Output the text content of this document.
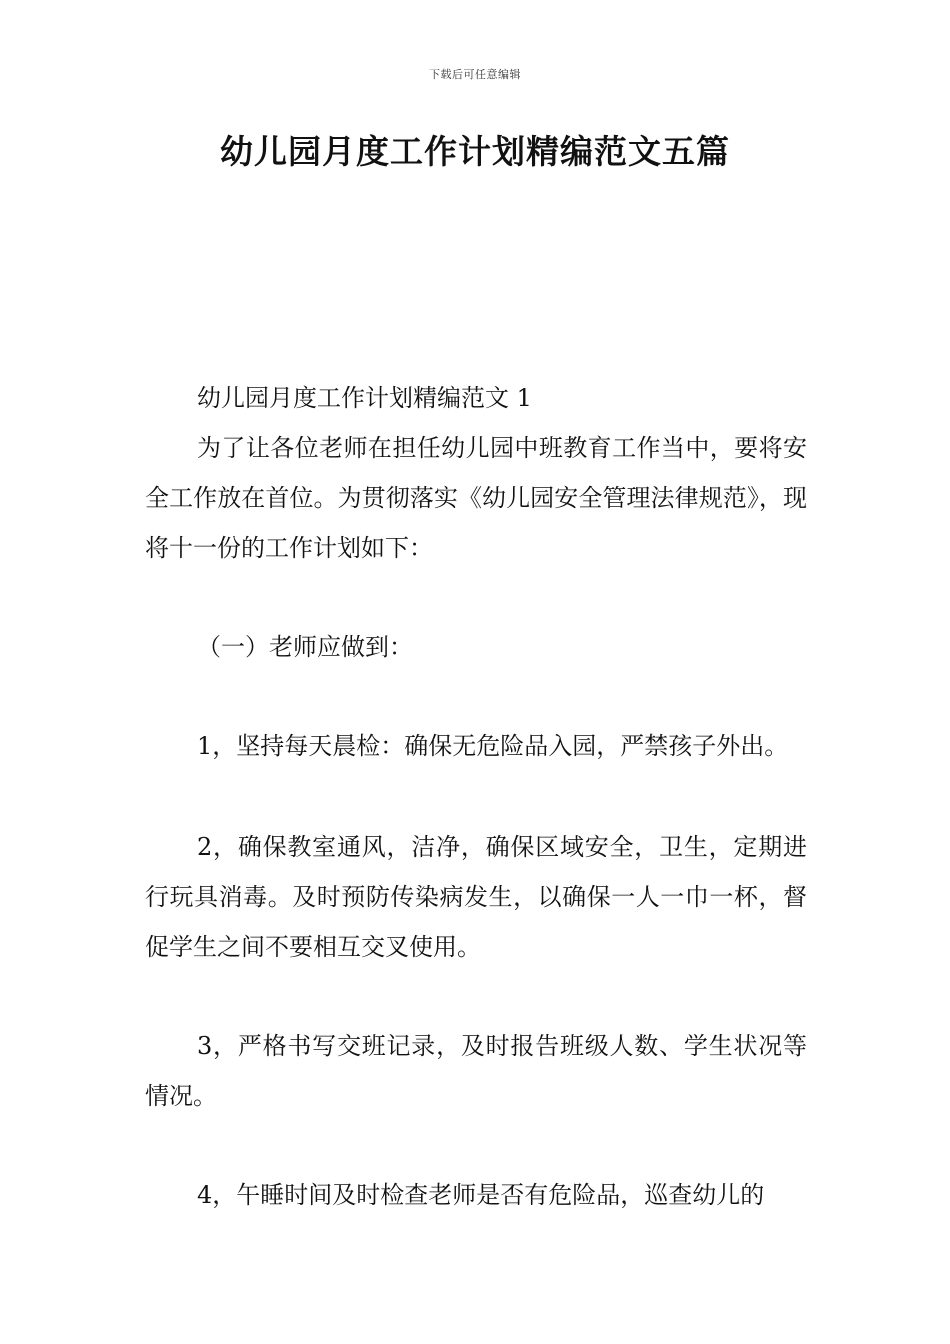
下载后可任意编辑
幼儿园月度工作计划精编范文五篇

幼儿园月度工作计划精编范文 1

为了让各位老师在担任幼儿园中班教育工作当中，要将安全工作放在首位。为贯彻落实《幼儿园安全管理法律规范》，现将十一份的工作计划如下：

（一）老师应做到：

1，坚持每天晨检：确保无危险品入园，严禁孩子外出。

2，确保教室通风，洁净，确保区域安全，卫生，定期进行玩具消毒。及时预防传染病发生，以确保一人一巾一杯，督促学生之间不要相互交叉使用。

3，严格书写交班记录，及时报告班级人数、学生状况等情况。

4，午睡时间及时检查老师是否有危险品，巡查幼儿的
